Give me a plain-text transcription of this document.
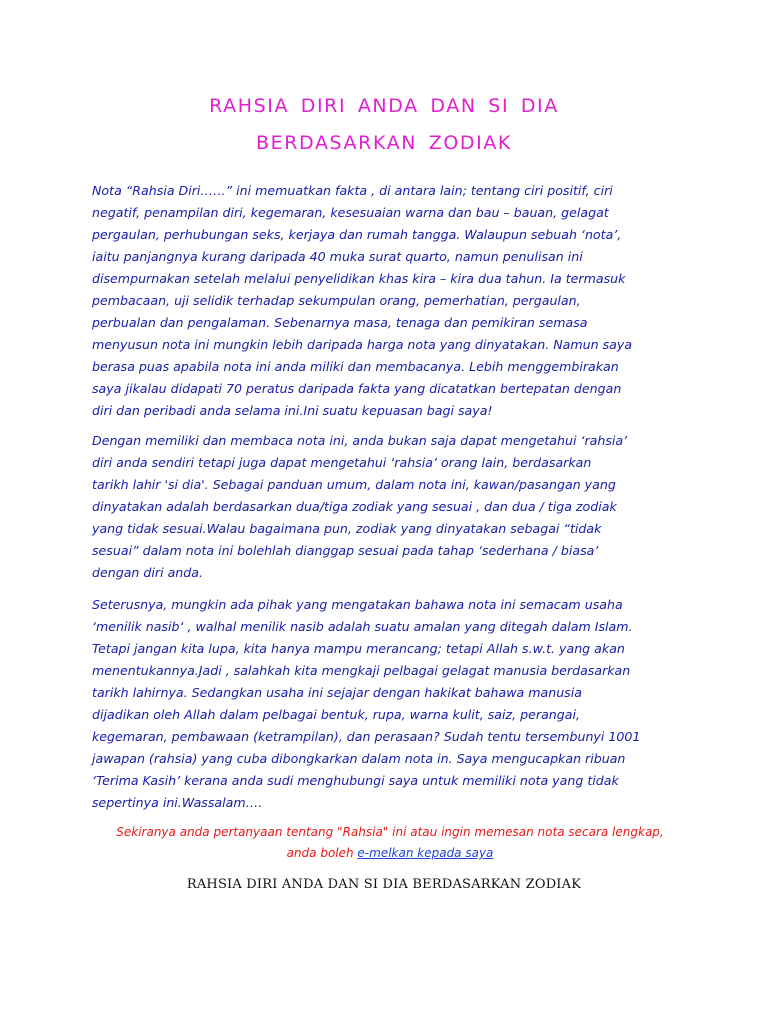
RAHSIA DIRI ANDA DAN SI DIA
BERDASARKAN ZODIAK

Nota “Rahsia Diri……” ini memuatkan fakta , di antara lain; tentang ciri positif, ciri
negatif, penampilan diri, kegemaran, kesesuaian warna dan bau – bauan, gelagat
pergaulan, perhubungan seks, kerjaya dan rumah tangga. Walaupun sebuah ‘nota’,
iaitu panjangnya kurang daripada 40 muka surat quarto, namun penulisan ini
disempurnakan setelah melalui penyelidikan khas kira – kira dua tahun. Ia termasuk
pembacaan, uji selidik terhadap sekumpulan orang, pemerhatian, pergaulan,
perbualan dan pengalaman. Sebenarnya masa, tenaga dan pemikiran semasa
menyusun nota ini mungkin lebih daripada harga nota yang dinyatakan. Namun saya
berasa puas apabila nota ini anda miliki dan membacanya. Lebih menggembirakan
saya jikalau didapati 70 peratus daripada fakta yang dicatatkan bertepatan dengan
diri dan peribadi anda selama ini.Ini suatu kepuasan bagi saya!

Dengan memiliki dan membaca nota ini, anda bukan saja dapat mengetahui ‘rahsia’
diri anda sendiri tetapi juga dapat mengetahui ‘rahsia’ orang lain, berdasarkan
tarikh lahir 'si dia'. Sebagai panduan umum, dalam nota ini, kawan/pasangan yang
dinyatakan adalah berdasarkan dua/tiga zodiak yang sesuai , dan dua / tiga zodiak
yang tidak sesuai.Walau bagaimana pun, zodiak yang dinyatakan sebagai “tidak
sesuai” dalam nota ini bolehlah dianggap sesuai pada tahap ‘sederhana / biasa’
dengan diri anda.

Seterusnya, mungkin ada pihak yang mengatakan bahawa nota ini semacam usaha
‘menilik nasib‘ , walhal menilik nasib adalah suatu amalan yang ditegah dalam Islam.
Tetapi jangan kita lupa, kita hanya mampu merancang; tetapi Allah s.w.t. yang akan
menentukannya.Jadi , salahkah kita mengkaji pelbagai gelagat manusia berdasarkan
tarikh lahirnya. Sedangkan usaha ini sejajar dengan hakikat bahawa manusia
dijadikan oleh Allah dalam pelbagai bentuk, rupa, warna kulit, saiz, perangai,
kegemaran, pembawaan (ketrampilan), dan perasaan? Sudah tentu tersembunyi 1001
jawapan (rahsia) yang cuba dibongkarkan dalam nota in. Saya mengucapkan ribuan
‘Terima Kasih’ kerana anda sudi menghubungi saya untuk memiliki nota yang tidak
sepertinya ini.Wassalam….

Sekiranya anda pertanyaan tentang "Rahsia" ini atau ingin memesan nota secara lengkap,
anda boleh e-melkan kepada saya
RAHSIA DIRI ANDA DAN SI DIA BERDASARKAN ZODIAK
